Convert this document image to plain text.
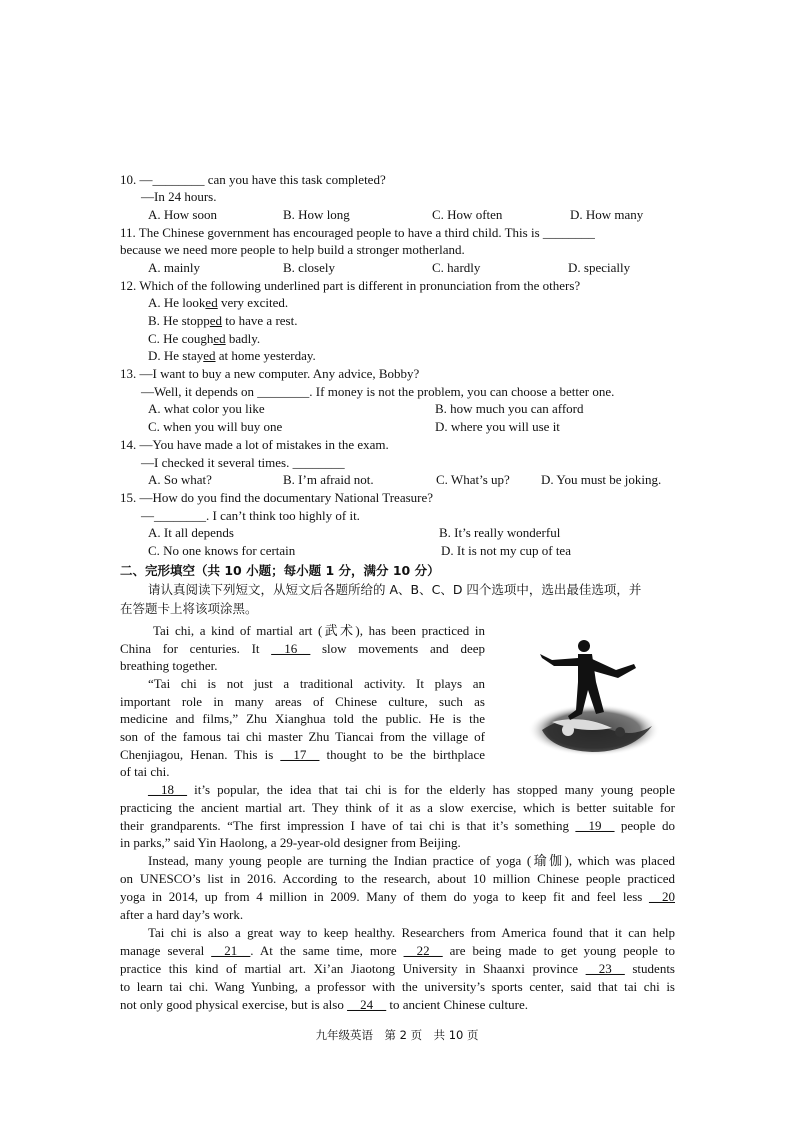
10. —________ can you have this task completed?
—In 24 hours.
A. How soon	B. How long	C. How often	D. How many
11. The Chinese government has encouraged people to have a third child. This is ________
because we need more people to help build a stronger motherland.
A. mainly	B. closely	C. hardly	D. specially
12. Which of the following underlined part is different in pronunciation from the others?
A. He looked very excited.
B. He stopped to have a rest.
C. He coughed badly.
D. He stayed at home yesterday.
13. —I want to buy a new computer. Any advice, Bobby?
—Well, it depends on ________. If money is not the problem, you can choose a better one.
A. what color you like	B. how much you can afford
C. when you will buy one	D. where you will use it
14. —You have made a lot of mistakes in the exam.
—I checked it several times. ________
A. So what?	B. I’m afraid not.	C. What’s up? D. You must be joking.
15. —How do you find the documentary National Treasure?
—________. I can’t think too highly of it.
A. It all depends	B. It’s really wonderful
C. No one knows for certain	D. It is not my cup of tea
二、完形填空（共 10 小题；每小题 1 分，满分 10 分）
请认真阅读下列短文，从短文后各题所给的 A、B、C、D 四个选项中，选出最佳选项，并
在答题卡上将该项涂黑。
Tai chi, a kind of martial art (武术), has been practiced in
China for centuries. It __16__ slow movements and deep
breathing together.
“Tai chi is not just a traditional activity. It plays an
important role in many areas of Chinese culture, such as
medicine and films,” Zhu Xianghua told the public. He is the
son of the famous tai chi master Zhu Tiancai from the village of
Chenjiagou, Henan. This is __17__ thought to be the birthplace
of tai chi.
__18__ it’s popular, the idea that tai chi is for the elderly has stopped many young people
practicing the ancient martial art. They think of it as a slow exercise, which is better suitable for
their grandparents. “The first impression I have of tai chi is that it’s something __19__ people do
in parks,” said Yin Haolong, a 29-year-old designer from Beijing.
Instead, many young people are turning the Indian practice of yoga (瑜伽), which was placed
on UNESCO’s list in 2016. According to the research, about 10 million Chinese people practiced
yoga in 2014, up from 4 million in 2009. Many of them do yoga to keep fit and feel less __20
after a hard day’s work.
Tai chi is also a great way to keep healthy. Researchers from America found that it can help
manage several __21__. At the same time, more __22__ are being made to get young people to
practice this kind of martial art. Xi’an Jiaotong University in Shaanxi province __23__ students
to learn tai chi. Wang Yunbing, a professor with the university’s sports center, said that tai chi is
not only good physical exercise, but is also __24__ to ancient Chinese culture.
九年级英语　第 2 页　共 10 页
